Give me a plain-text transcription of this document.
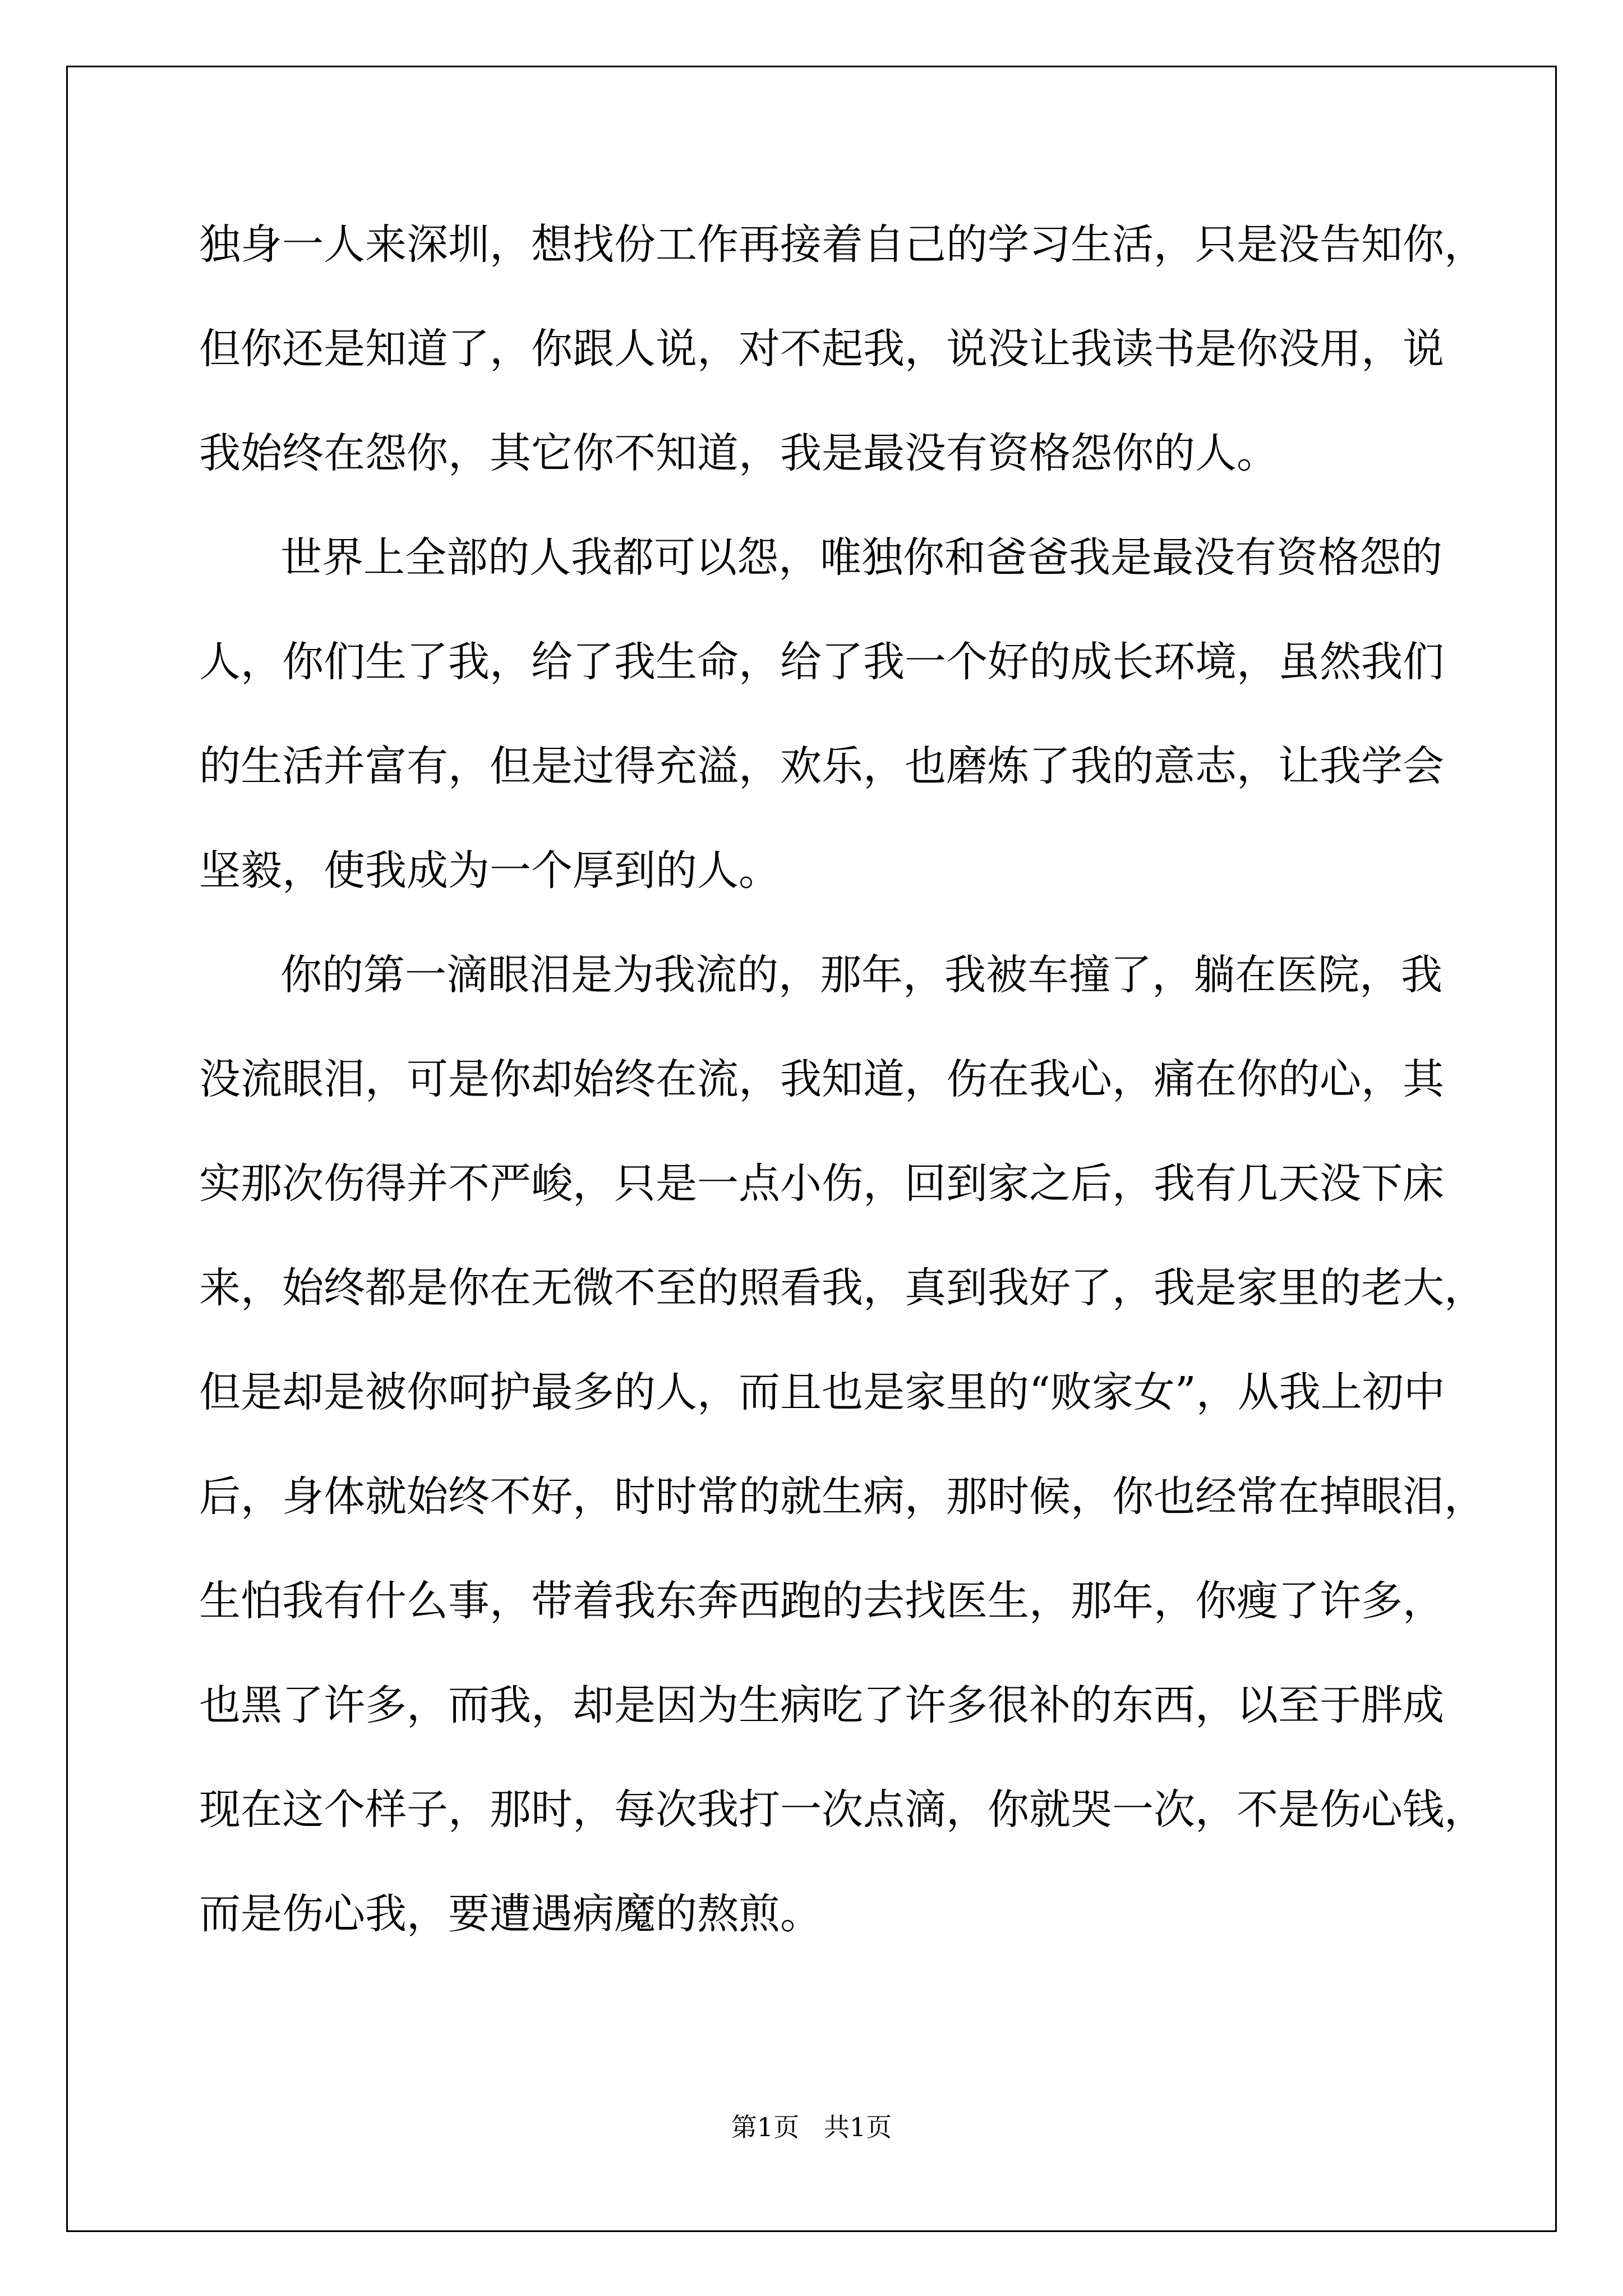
独 身 一 人 来 深 圳 ， 想 找 份 工 作 再 接 着 自 己 的 学 习 生 活 ， 只 是 没 告 知 你 ，
但 你 还 是 知 道 了 ， 你 跟 人 说 ， 对 不 起 我 ， 说 没 让 我 读 书 是 你 没 用 ， 说
我始终在怨你，其它你不知道，我是最没有资格怨你的人。
世 界 上 全 部 的 人 我 都 可 以 怨 ， 唯 独 你 和 爸 爸 我 是 最 没 有 资 格 怨 的
人 ， 你 们 生 了 我 ， 给 了 我 生 命 ， 给 了 我 一 个 好 的 成 长 环 境 ， 虽 然 我 们
的 生 活 并 富 有 ， 但 是 过 得 充 溢 ， 欢 乐 ， 也 磨 炼 了 我 的 意 志 ， 让 我 学 会
坚毅，使我成为一个厚到的人。
你 的 第 一 滴 眼 泪 是 为 我 流 的 ， 那 年 ， 我 被 车 撞 了 ， 躺 在 医 院 ， 我
没 流 眼 泪 ， 可 是 你 却 始 终 在 流 ， 我 知 道 ， 伤 在 我 心 ， 痛 在 你 的 心 ， 其
实 那 次 伤 得 并 不 严 峻 ， 只 是 一 点 小 伤 ， 回 到 家 之 后 ， 我 有 几 天 没 下 床
来 ， 始 终 都 是 你 在 无 微 不 至 的 照 看 我 ， 真 到 我 好 了 ， 我 是 家 里 的 老 大 ，
但 是 却 是 被 你 呵 护 最 多 的 人 ， 而 且 也 是 家 里 的 “ 败 家 女 ” ， 从 我 上 初 中
后 ， 身 体 就 始 终 不 好 ， 时 时 常 的 就 生 病 ， 那 时 候 ， 你 也 经 常 在 掉 眼 泪 ，
生 怕 我 有 什 么 事 ， 带 着 我 东 奔 西 跑 的 去 找 医 生 ， 那 年 ， 你 瘦 了 许 多 ，
也 黑 了 许 多 ， 而 我 ， 却 是 因 为 生 病 吃 了 许 多 很 补 的 东 西 ， 以 至 于 胖 成
现 在 这 个 样 子 ， 那 时 ， 每 次 我 打 一 次 点 滴 ， 你 就 哭 一 次 ， 不 是 伤 心 钱 ，
而是伤心我，要遭遇病魔的熬煎。
第1页   共1页
